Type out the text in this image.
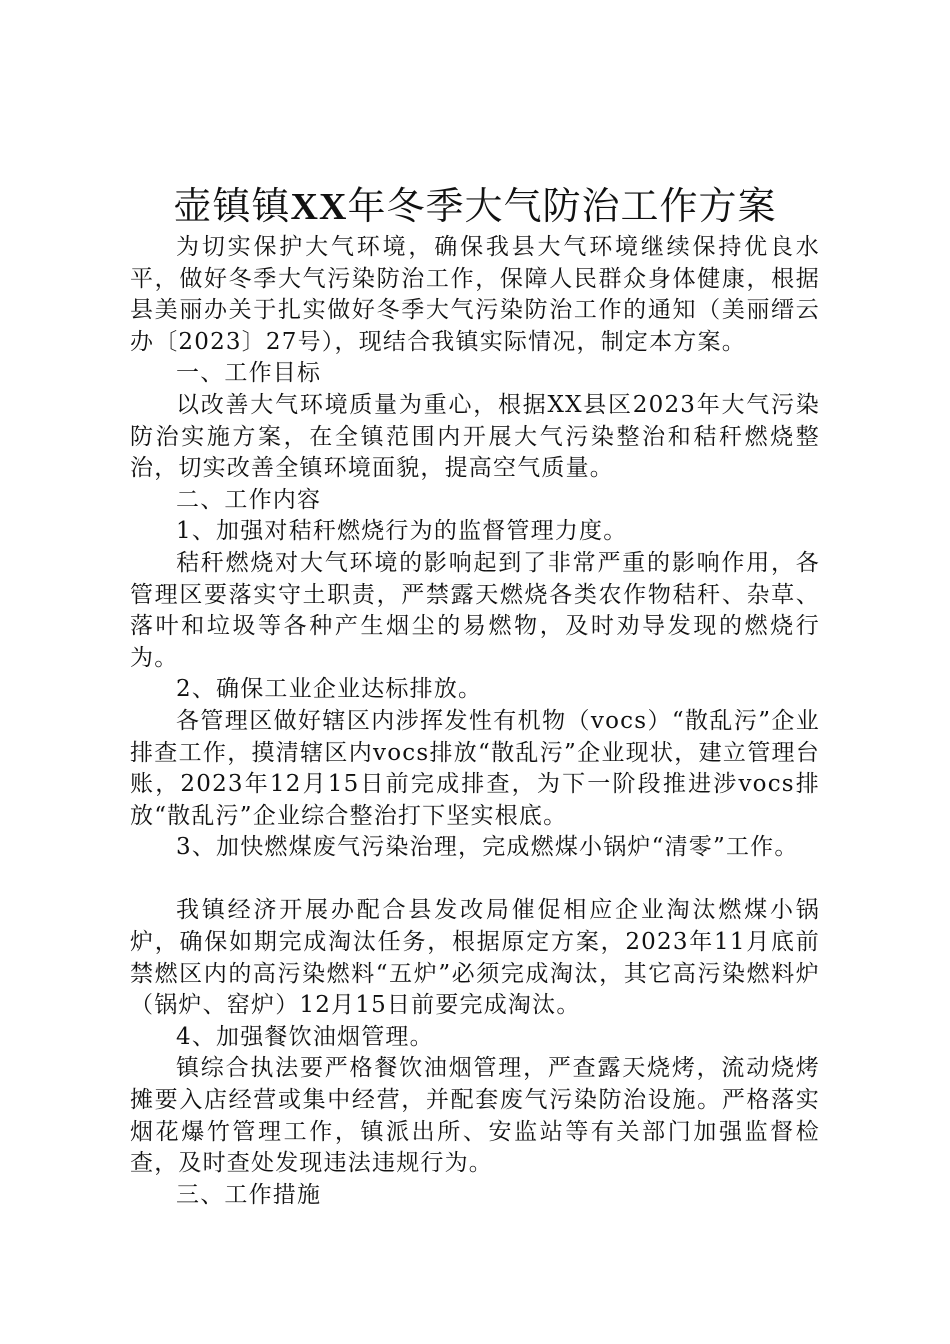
壶镇镇XX年冬季大气防治工作方案

为切实保护大气环境，确保我县大气环境继续保持优良水平，做好冬季大气污染防治工作，保障人民群众身体健康，根据县美丽办关于扎实做好冬季大气污染防治工作的通知（美丽缙云办〔2023〕27号），现结合我镇实际情况，制定本方案。

一、工作目标

以改善大气环境质量为重心，根据XX县区2023年大气污染防治实施方案，在全镇范围内开展大气污染整治和秸秆燃烧整治，切实改善全镇环境面貌，提高空气质量。

二、工作内容

1、加强对秸秆燃烧行为的监督管理力度。

秸秆燃烧对大气环境的影响起到了非常严重的影响作用，各管理区要落实守土职责，严禁露天燃烧各类农作物秸秆、杂草、落叶和垃圾等各种产生烟尘的易燃物，及时劝导发现的燃烧行为。

2、确保工业企业达标排放。

各管理区做好辖区内涉挥发性有机物（vocs）“散乱污”企业排查工作，摸清辖区内vocs排放“散乱污”企业现状，建立管理台账，2023年12月15日前完成排查，为下一阶段推进涉vocs排放“散乱污”企业综合整治打下坚实根底。

3、加快燃煤废气污染治理，完成燃煤小锅炉“清零”工作。

我镇经济开展办配合县发改局催促相应企业淘汰燃煤小锅炉，确保如期完成淘汰任务，根据原定方案，2023年11月底前禁燃区内的高污染燃料“五炉”必须完成淘汰，其它高污染燃料炉（锅炉、窑炉）12月15日前要完成淘汰。

4、加强餐饮油烟管理。

镇综合执法要严格餐饮油烟管理，严查露天烧烤，流动烧烤摊要入店经营或集中经营，并配套废气污染防治设施。严格落实烟花爆竹管理工作，镇派出所、安监站等有关部门加强监督检查，及时查处发现违法违规行为。

三、工作措施
